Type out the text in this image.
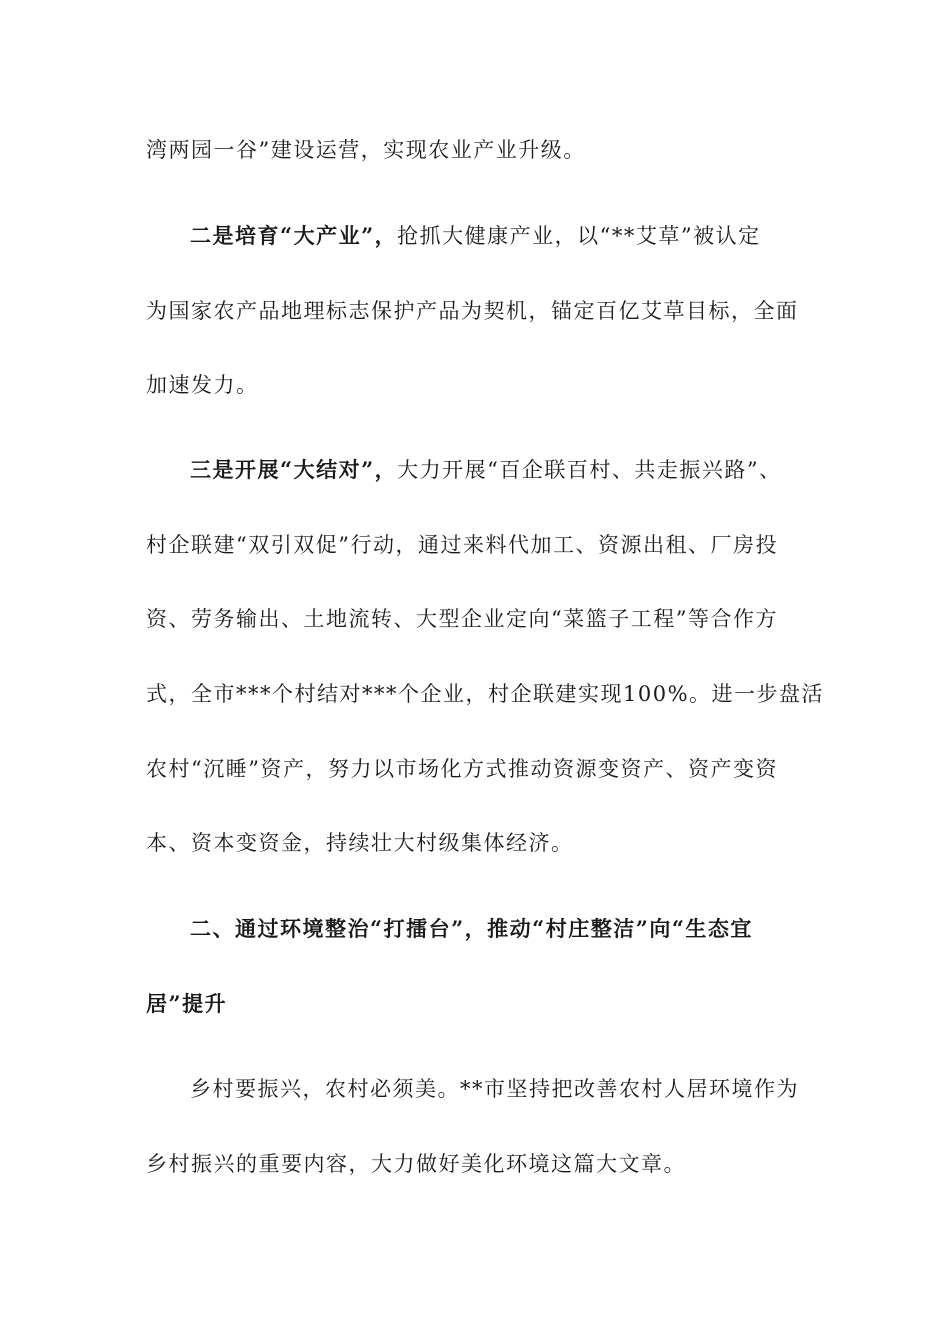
湾两园一谷”建设运营，实现农业产业升级。
二是培育“大产业”，抢抓大健康产业，以“**艾草”被认定
为国家农产品地理标志保护产品为契机，锚定百亿艾草目标，全面
加速发力。
三是开展“大结对”，大力开展“百企联百村、共走振兴路”、
村企联建“双引双促”行动，通过来料代加工、资源出租、厂房投
资、劳务输出、土地流转、大型企业定向“菜篮子工程”等合作方
式，全市***个村结对***个企业，村企联建实现100%。进一步盘活
农村“沉睡”资产，努力以市场化方式推动资源变资产、资产变资
本、资本变资金，持续壮大村级集体经济。
二、通过环境整治“打擂台”，推动“村庄整洁”向“生态宜
居”提升
乡村要振兴，农村必须美。**市坚持把改善农村人居环境作为
乡村振兴的重要内容，大力做好美化环境这篇大文章。
